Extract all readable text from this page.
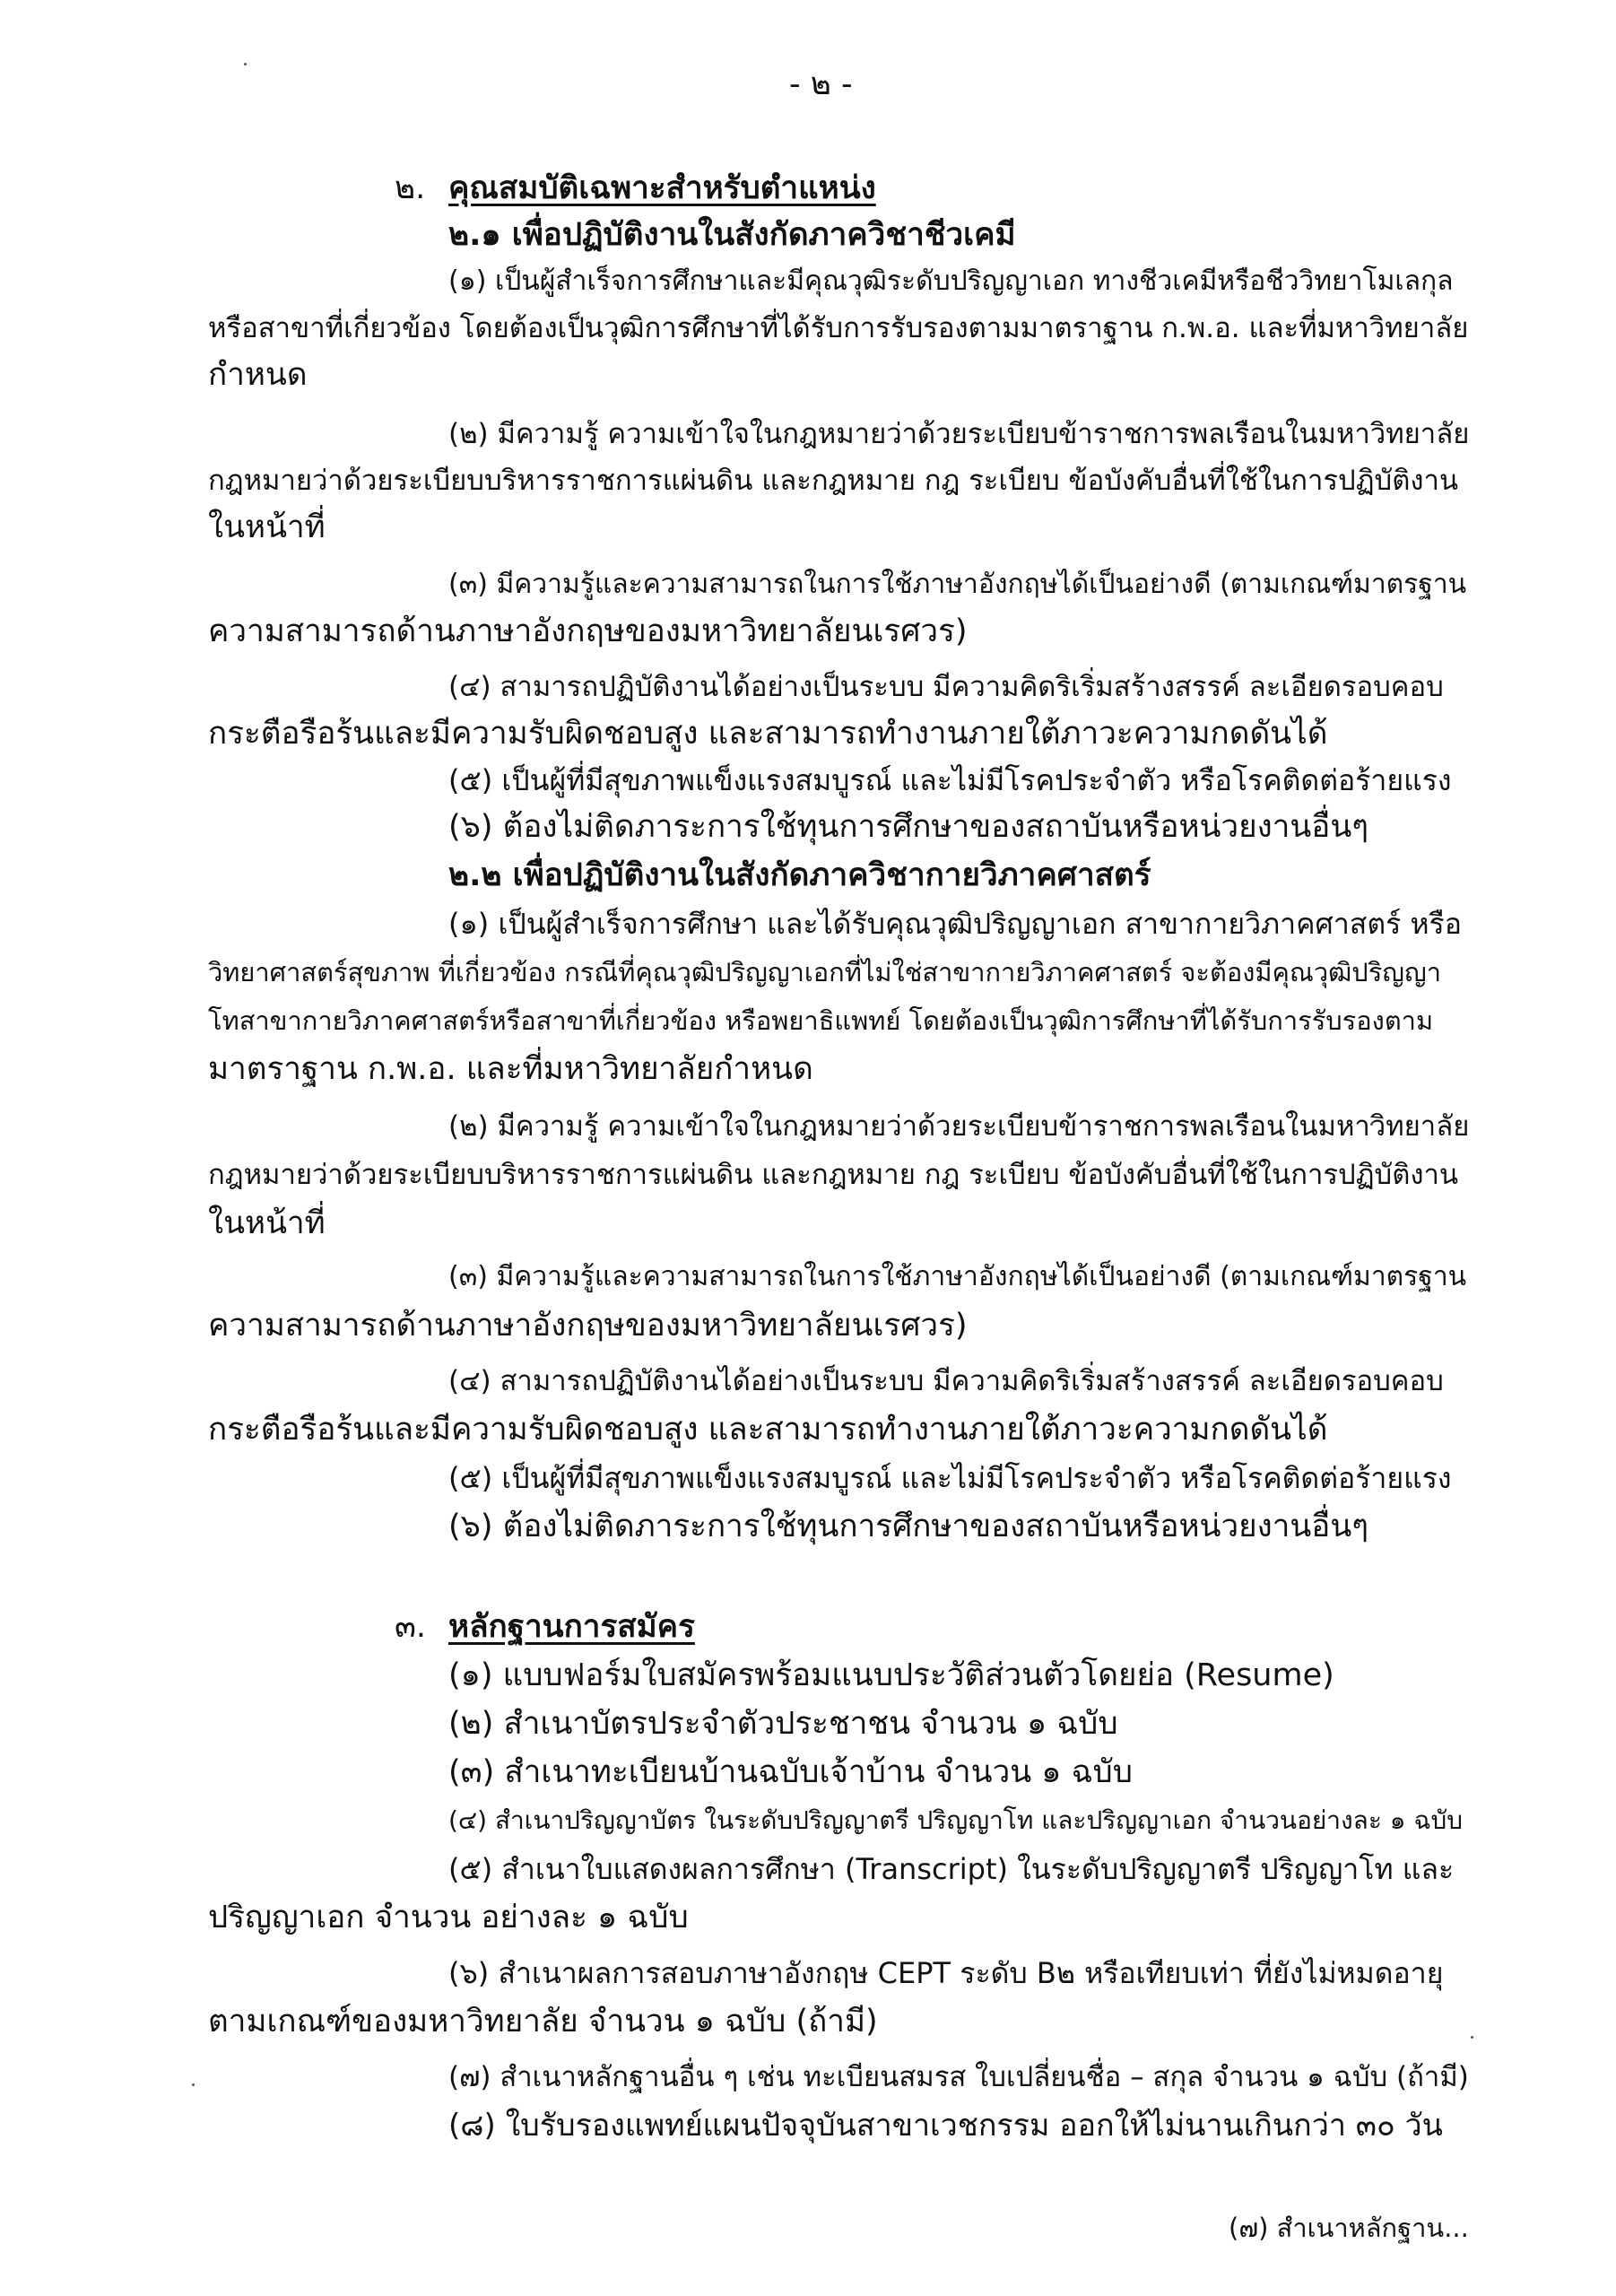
- ๒ -
๒. คุณสมบัติเฉพาะสำหรับตำแหน่ง
๒.๑ เพื่อปฏิบัติงานในสังกัดภาควิชาชีวเคมี
(๑) เป็นผู้สำเร็จการศึกษาและมีคุณวุฒิระดับปริญญาเอก ทางชีวเคมีหรือชีววิทยาโมเลกุล
หรือสาขาที่เกี่ยวข้อง โดยต้องเป็นวุฒิการศึกษาที่ได้รับการรับรองตามมาตราฐาน ก.พ.อ. และที่มหาวิทยาลัย
กำหนด
(๒) มีความรู้ ความเข้าใจในกฎหมายว่าด้วยระเบียบข้าราชการพลเรือนในมหาวิทยาลัย
กฎหมายว่าด้วยระเบียบบริหารราชการแผ่นดิน และกฎหมาย กฎ ระเบียบ ข้อบังคับอื่นที่ใช้ในการปฏิบัติงาน
ในหน้าที่
(๓) มีความรู้และความสามารถในการใช้ภาษาอังกฤษได้เป็นอย่างดี (ตามเกณฑ์มาตรฐาน
ความสามารถด้านภาษาอังกฤษของมหาวิทยาลัยนเรศวร)
(๔) สามารถปฏิบัติงานได้อย่างเป็นระบบ มีความคิดริเริ่มสร้างสรรค์ ละเอียดรอบคอบ
กระตือรือร้นและมีความรับผิดชอบสูง และสามารถทำงานภายใต้ภาวะความกดดันได้
(๕) เป็นผู้ที่มีสุขภาพแข็งแรงสมบูรณ์ และไม่มีโรคประจำตัว หรือโรคติดต่อร้ายแรง
(๖) ต้องไม่ติดภาระการใช้ทุนการศึกษาของสถาบันหรือหน่วยงานอื่นๆ
๒.๒ เพื่อปฏิบัติงานในสังกัดภาควิชากายวิภาคศาสตร์
(๑) เป็นผู้สำเร็จการศึกษา และได้รับคุณวุฒิปริญญาเอก สาขากายวิภาคศาสตร์ หรือ
วิทยาศาสตร์สุขภาพ ที่เกี่ยวข้อง กรณีที่คุณวุฒิปริญญาเอกที่ไม่ใช่สาขากายวิภาคศาสตร์ จะต้องมีคุณวุฒิปริญญา
โทสาขากายวิภาคศาสตร์หรือสาขาที่เกี่ยวข้อง หรือพยาธิแพทย์ โดยต้องเป็นวุฒิการศึกษาที่ได้รับการรับรองตาม
มาตราฐาน ก.พ.อ. และที่มหาวิทยาลัยกำหนด
(๒) มีความรู้ ความเข้าใจในกฎหมายว่าด้วยระเบียบข้าราชการพลเรือนในมหาวิทยาลัย
กฎหมายว่าด้วยระเบียบบริหารราชการแผ่นดิน และกฎหมาย กฎ ระเบียบ ข้อบังคับอื่นที่ใช้ในการปฏิบัติงาน
ในหน้าที่
(๓) มีความรู้และความสามารถในการใช้ภาษาอังกฤษได้เป็นอย่างดี (ตามเกณฑ์มาตรฐาน
ความสามารถด้านภาษาอังกฤษของมหาวิทยาลัยนเรศวร)
(๔) สามารถปฏิบัติงานได้อย่างเป็นระบบ มีความคิดริเริ่มสร้างสรรค์ ละเอียดรอบคอบ
กระตือรือร้นและมีความรับผิดชอบสูง และสามารถทำงานภายใต้ภาวะความกดดันได้
(๕) เป็นผู้ที่มีสุขภาพแข็งแรงสมบูรณ์ และไม่มีโรคประจำตัว หรือโรคติดต่อร้ายแรง
(๖) ต้องไม่ติดภาระการใช้ทุนการศึกษาของสถาบันหรือหน่วยงานอื่นๆ
๓. หลักฐานการสมัคร
(๑) แบบฟอร์มใบสมัครพร้อมแนบประวัติส่วนตัวโดยย่อ (Resume)
(๒) สำเนาบัตรประจำตัวประชาชน จำนวน ๑ ฉบับ
(๓) สำเนาทะเบียนบ้านฉบับเจ้าบ้าน จำนวน ๑ ฉบับ
(๔) สำเนาปริญญาบัตร ในระดับปริญญาตรี ปริญญาโท และปริญญาเอก จำนวนอย่างละ ๑ ฉบับ
(๕) สำเนาใบแสดงผลการศึกษา (Transcript) ในระดับปริญญาตรี ปริญญาโท และ
ปริญญาเอก จำนวน อย่างละ ๑ ฉบับ
(๖) สำเนาผลการสอบภาษาอังกฤษ CEPT ระดับ B๒ หรือเทียบเท่า ที่ยังไม่หมดอายุ
ตามเกณฑ์ของมหาวิทยาลัย จำนวน ๑ ฉบับ (ถ้ามี)
(๗) สำเนาหลักฐานอื่น ๆ เช่น ทะเบียนสมรส ใบเปลี่ยนชื่อ – สกุล จำนวน ๑ ฉบับ (ถ้ามี)
(๘) ใบรับรองแพทย์แผนปัจจุบันสาขาเวชกรรม ออกให้ไม่นานเกินกว่า ๓๐ วัน
(๗) สำเนาหลักฐาน...
